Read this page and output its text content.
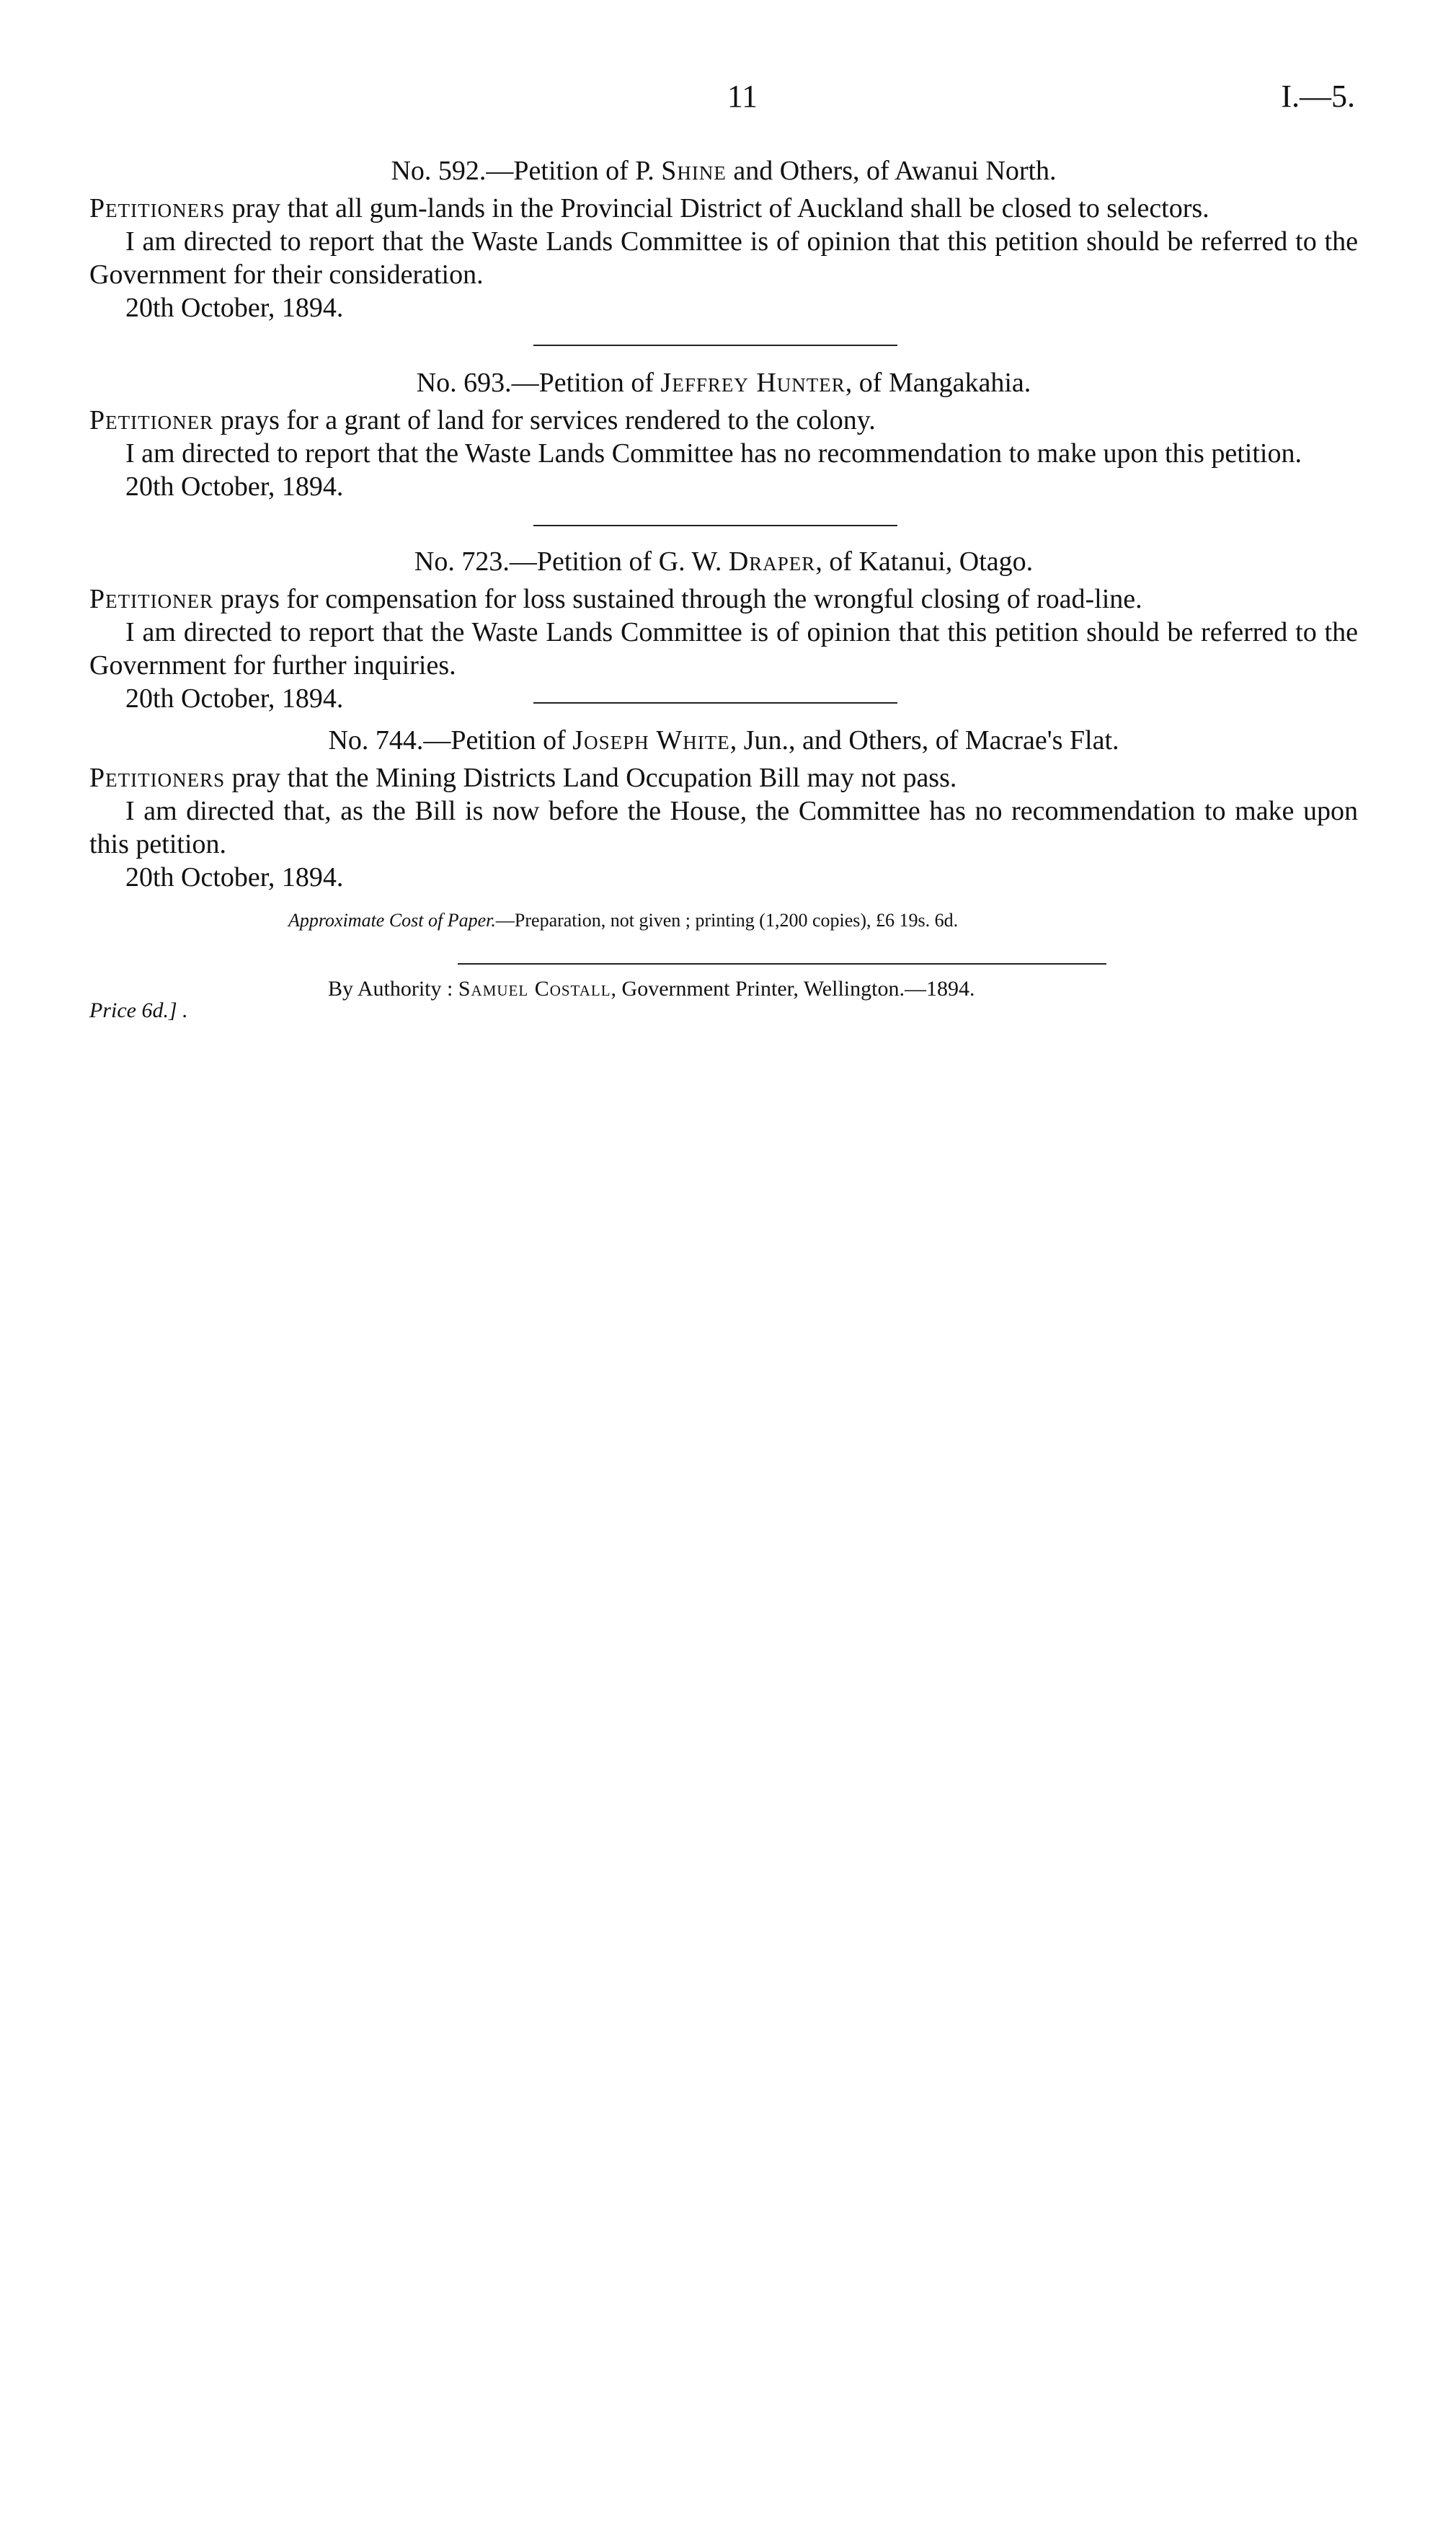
11	I.—5.

No. 592.—Petition of P. Shine and Others, of Awanui North.

Petitioners pray that all gum-lands in the Provincial District of Auckland shall be closed to selectors.

I am directed to report that the Waste Lands Committee is of opinion that this petition should be referred to the Government for their consideration.

20th October, 1894.

No. 693.—Petition of Jeffrey Hunter, of Mangakahia.

Petitioner prays for a grant of land for services rendered to the colony.

I am directed to report that the Waste Lands Committee has no recommendation to make upon this petition.

20th October, 1894.

No. 723.—Petition of G. W. Draper, of Katanui, Otago.

Petitioner prays for compensation for loss sustained through the wrongful closing of road-line.

I am directed to report that the Waste Lands Committee is of opinion that this petition should be referred to the Government for further inquiries.

20th October, 1894.

No. 744.—Petition of Joseph White, Jun., and Others, of Macrae's Flat.

Petitioners pray that the Mining Districts Land Occupation Bill may not pass.

I am directed that, as the Bill is now before the House, the Committee has no recommendation to make upon this petition.

20th October, 1894.

Approximate Cost of Paper.—Preparation, not given ; printing (1,200 copies), £6 19s. 6d.
By Authority : Samuel Costall, Government Printer, Wellington.—1894.
Price 6d.] .
